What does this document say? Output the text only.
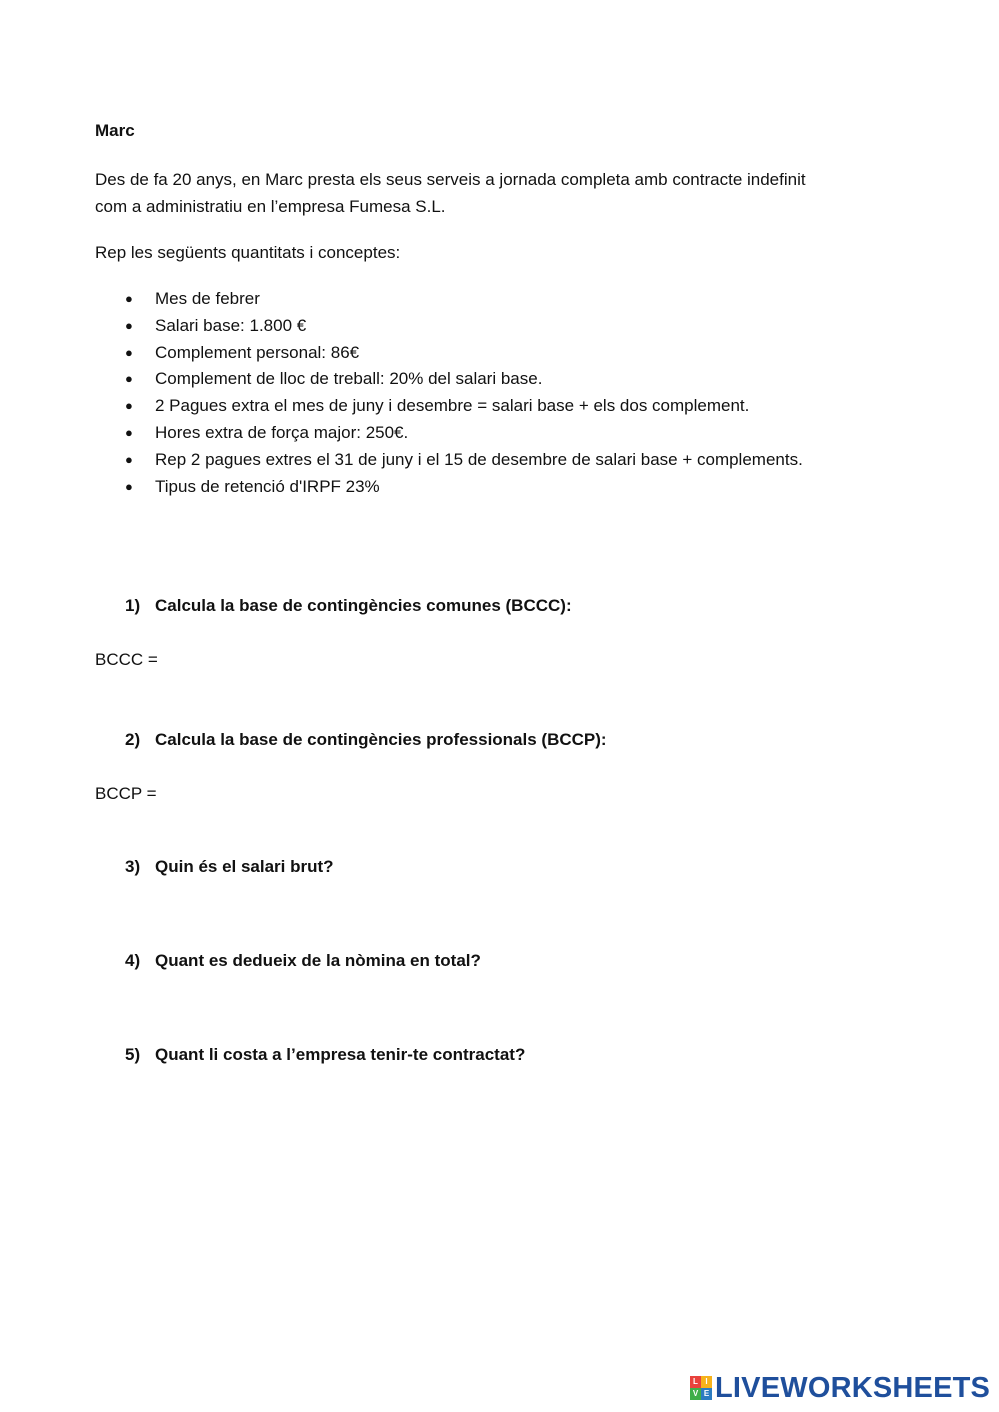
Marc

Des de fa 20 anys, en Marc presta els seus serveis a jornada completa amb contracte indefinit
com a administratiu en l’empresa Fumesa S.L.

Rep les següents quantitats i conceptes:

● Mes de febrer
● Salari base: 1.800 €
● Complement personal: 86€
● Complement de lloc de treball: 20% del salari base.
● 2 Pagues extra el mes de juny i desembre = salari base + els dos complement.
● Hores extra de força major: 250€.
● Rep 2 pagues extres el 31 de juny i el 15 de desembre de salari base + complements.
● Tipus de retenció d'IRPF 23%
1) Calcula la base de contingències comunes (BCCC):
BCCC =
2) Calcula la base de contingències professionals (BCCP):
BCCP =
3) Quin és el salari brut?
4) Quant es dedueix de la nòmina en total?
5) Quant li costa a l’empresa tenir-te contractat?
L I
V E LIVEWORKSHEETS
